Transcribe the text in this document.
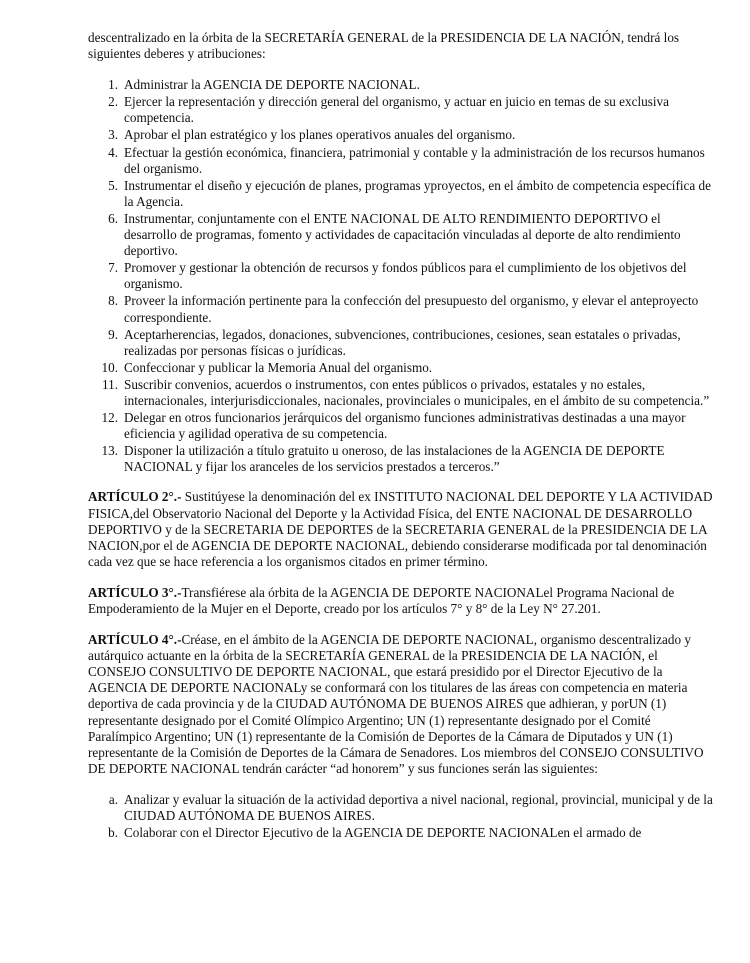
descentralizado en la órbita de la SECRETARÍA GENERAL de la PRESIDENCIA DE LA NACIÓN, tendrá los siguientes deberes y atribuciones:

1. Administrar la AGENCIA DE DEPORTE NACIONAL.
2. Ejercer la representación y dirección general del organismo, y actuar en juicio en temas de su exclusiva competencia.
3. Aprobar el plan estratégico y los planes operativos anuales del organismo.
4. Efectuar la gestión económica, financiera, patrimonial y contable y la administración de los recursos humanos del organismo.
5. Instrumentar el diseño y ejecución de planes, programas yproyectos, en el ámbito de competencia específica de la Agencia.
6. Instrumentar, conjuntamente con el ENTE NACIONAL DE ALTO RENDIMIENTO DEPORTIVO el desarrollo de programas, fomento y actividades de capacitación vinculadas al deporte de alto rendimiento deportivo.
7. Promover y gestionar la obtención de recursos y fondos públicos para el cumplimiento de los objetivos del organismo.
8. Proveer la información pertinente para la confección del presupuesto del organismo, y elevar el anteproyecto correspondiente.
9. Aceptarherencias, legados, donaciones, subvenciones, contribuciones, cesiones, sean estatales o privadas, realizadas por personas físicas o jurídicas.
10. Confeccionar y publicar la Memoria Anual del organismo.
11. Suscribir convenios, acuerdos o instrumentos, con entes públicos o privados, estatales y no estales, internacionales, interjurisdiccionales, nacionales, provinciales o municipales, en el ámbito de su competencia.”
12. Delegar en otros funcionarios jerárquicos del organismo funciones administrativas destinadas a una mayor eficiencia y agilidad operativa de su competencia.
13. Disponer la utilización a título gratuito u oneroso, de las instalaciones de la AGENCIA DE DEPORTE NACIONAL y fijar los aranceles de los servicios prestados a terceros.”

ARTÍCULO 2°.- Sustitúyese la denominación del ex INSTITUTO NACIONAL DEL DEPORTE Y LA ACTIVIDAD FISICA,del Observatorio Nacional del Deporte y la Actividad Física, del ENTE NACIONAL DE DESARROLLO DEPORTIVO y de la SECRETARIA DE DEPORTES de la SECRETARIA GENERAL de la PRESIDENCIA DE LA NACION,por el de AGENCIA DE DEPORTE NACIONAL, debiendo considerarse modificada por tal denominación cada vez que se hace referencia a los organismos citados en primer término.

ARTÍCULO 3°.-Transfiérese ala órbita de la AGENCIA DE DEPORTE NACIONALel Programa Nacional de Empoderamiento de la Mujer en el Deporte, creado por los artículos 7° y 8° de la Ley N° 27.201.

ARTÍCULO 4°.-Créase, en el ámbito de la AGENCIA DE DEPORTE NACIONAL, organismo descentralizado y autárquico actuante en la órbita de la SECRETARÍA GENERAL de la PRESIDENCIA DE LA NACIÓN, el CONSEJO CONSULTIVO DE DEPORTE NACIONAL, que estará presidido por el Director Ejecutivo de la AGENCIA DE DEPORTE NACIONALy se conformará con los titulares de las áreas con competencia en materia deportiva de cada provincia y de la CIUDAD AUTÓNOMA DE BUENOS AIRES que adhieran, y porUN (1) representante designado por el Comité Olímpico Argentino; UN (1) representante designado por el Comité Paralímpico Argentino; UN (1) representante de la Comisión de Deportes de la Cámara de Diputados y UN (1) representante de la Comisión de Deportes de la Cámara de Senadores. Los miembros del CONSEJO CONSULTIVO DE DEPORTE NACIONAL tendrán carácter “ad honorem” y sus funciones serán las siguientes:

a. Analizar y evaluar la situación de la actividad deportiva a nivel nacional, regional, provincial, municipal y de la CIUDAD AUTÓNOMA DE BUENOS AIRES.
b. Colaborar con el Director Ejecutivo de la AGENCIA DE DEPORTE NACIONALen el armado de
